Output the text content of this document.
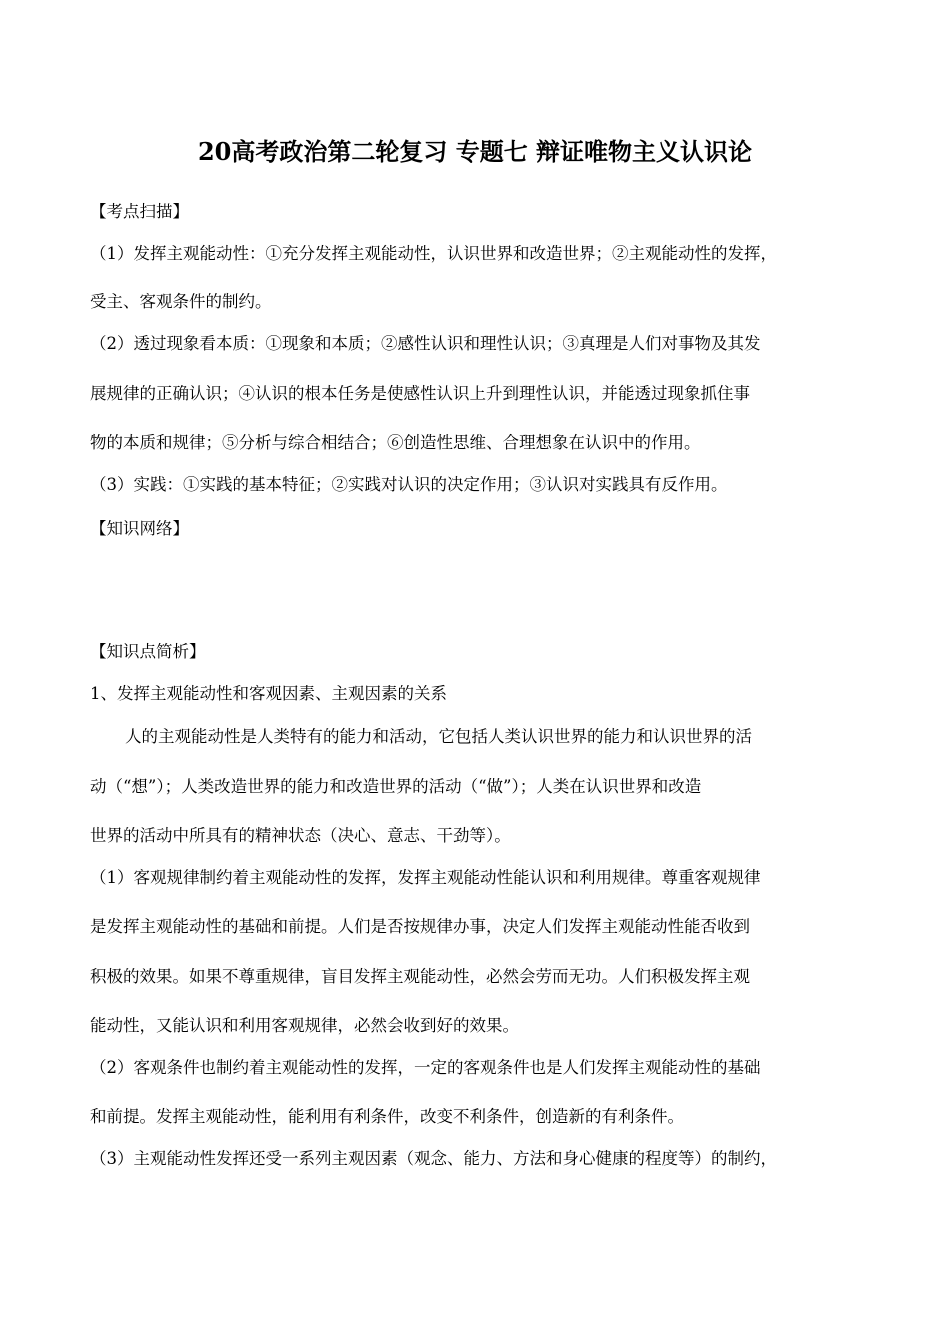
20高考政治第二轮复习 专题七 辩证唯物主义认识论

【考点扫描】

（1）发挥主观能动性：①充分发挥主观能动性，认识世界和改造世界；②主观能动性的发挥，

受主、客观条件的制约。

（2）透过现象看本质：①现象和本质；②感性认识和理性认识；③真理是人们对事物及其发

展规律的正确认识；④认识的根本任务是使感性认识上升到理性认识，并能透过现象抓住事

物的本质和规律；⑤分析与综合相结合；⑥创造性思维、合理想象在认识中的作用。

（3）实践：①实践的基本特征；②实践对认识的决定作用；③认识对实践具有反作用。

【知识网络】

【知识点简析】

1、发挥主观能动性和客观因素、主观因素的关系

人的主观能动性是人类特有的能力和活动，它包括人类认识世界的能力和认识世界的活

动（“想”）；人类改造世界的能力和改造世界的活动（“做”）；人类在认识世界和改造

世界的活动中所具有的精神状态（决心、意志、干劲等）。

（1）客观规律制约着主观能动性的发挥，发挥主观能动性能认识和利用规律。尊重客观规律

是发挥主观能动性的基础和前提。人们是否按规律办事，决定人们发挥主观能动性能否收到

积极的效果。如果不尊重规律，盲目发挥主观能动性，必然会劳而无功。人们积极发挥主观

能动性，又能认识和利用客观规律，必然会收到好的效果。

（2）客观条件也制约着主观能动性的发挥，一定的客观条件也是人们发挥主观能动性的基础

和前提。发挥主观能动性，能利用有利条件，改变不利条件，创造新的有利条件。

（3）主观能动性发挥还受一系列主观因素（观念、能力、方法和身心健康的程度等）的制约，
